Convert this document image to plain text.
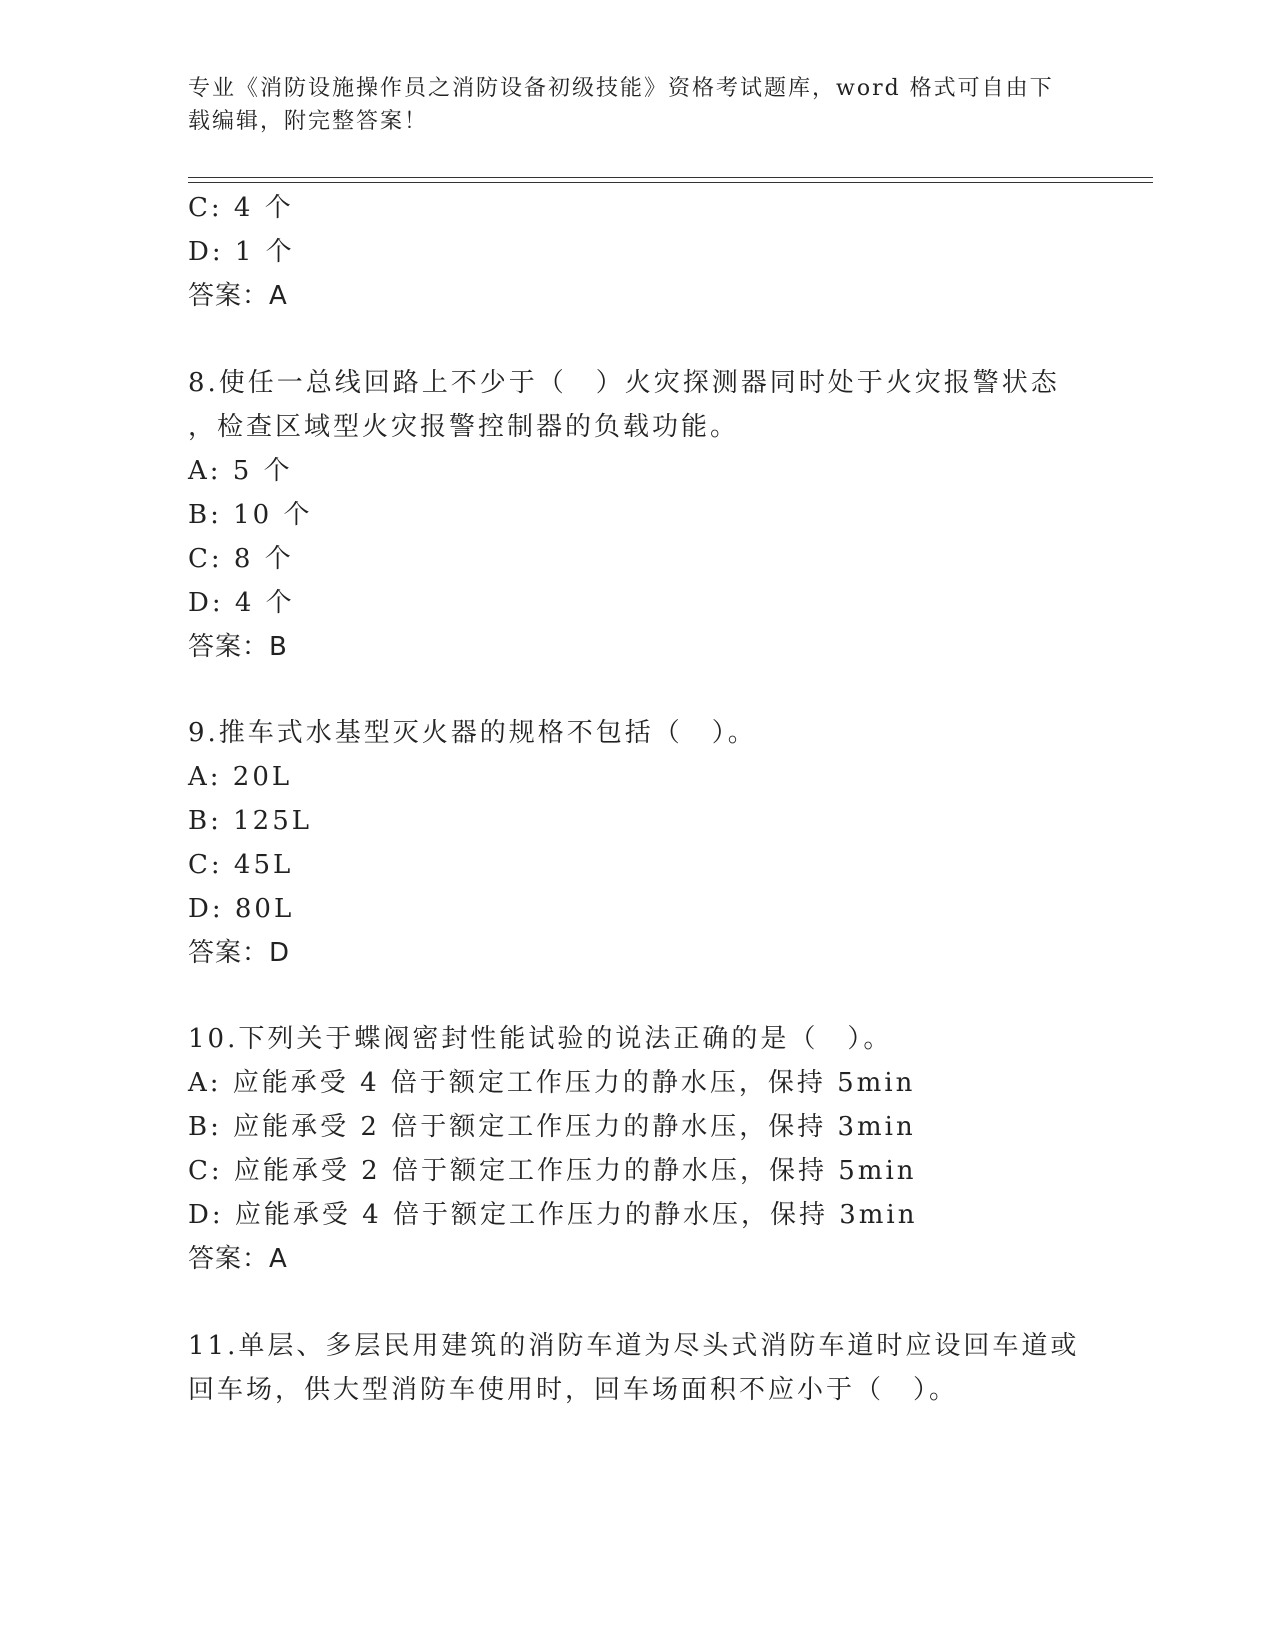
专业《消防设施操作员之消防设备初级技能》资格考试题库，word 格式可自由下
载编辑，附完整答案！
C: 4 个
D: 1 个
答案：A
8.使任一总线回路上不少于（　）火灾探测器同时处于火灾报警状态
，检查区域型火灾报警控制器的负载功能。
A: 5 个
B: 10 个
C: 8 个
D: 4 个
答案：B
9.推车式水基型灭火器的规格不包括（　）。
A: 20L
B: 125L
C: 45L
D: 80L
答案：D
10.下列关于蝶阀密封性能试验的说法正确的是（　）。
A: 应能承受 4 倍于额定工作压力的静水压，保持 5min
B: 应能承受 2 倍于额定工作压力的静水压，保持 3min
C: 应能承受 2 倍于额定工作压力的静水压，保持 5min
D: 应能承受 4 倍于额定工作压力的静水压，保持 3min
答案：A
11.单层、多层民用建筑的消防车道为尽头式消防车道时应设回车道或
回车场，供大型消防车使用时，回车场面积不应小于（　）。
